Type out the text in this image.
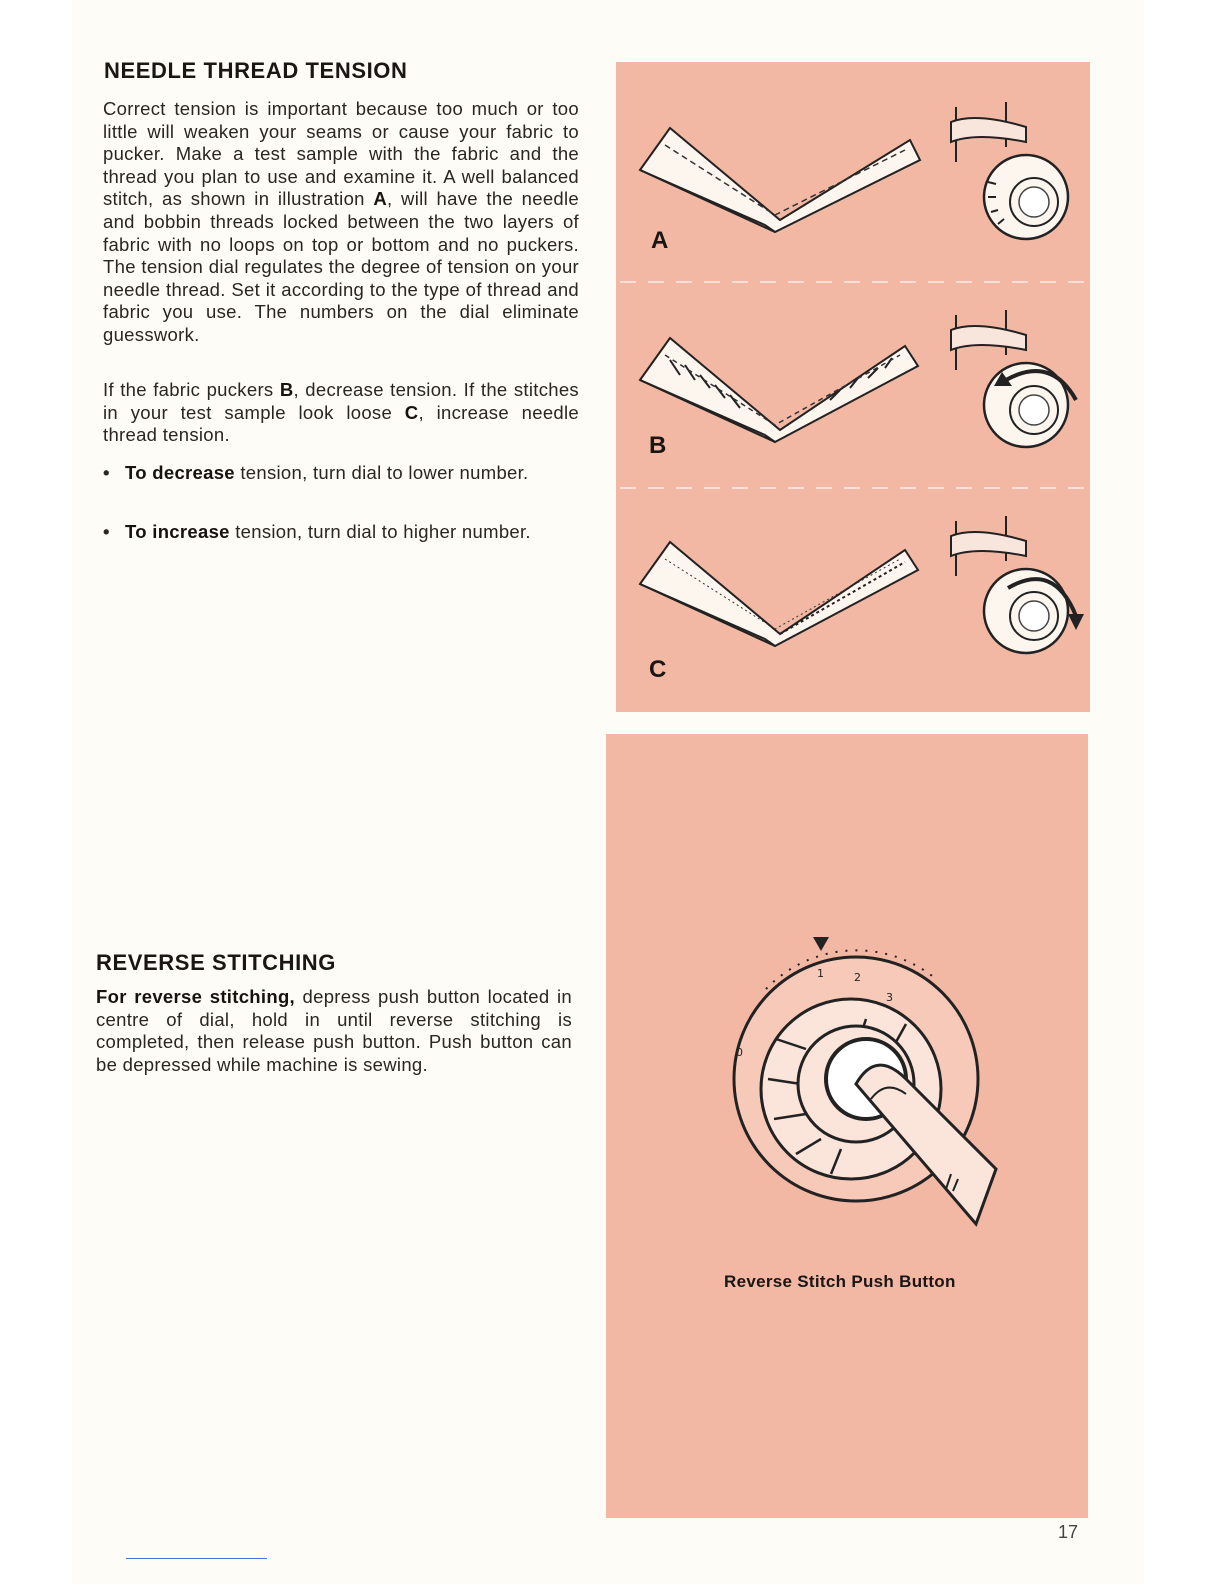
NEEDLE THREAD TENSION

Correct tension is important because too much or too little will weaken your seams or cause your fabric to pucker. Make a test sample with the fabric and the thread you plan to use and examine it. A well balanced stitch, as shown in illustration A, will have the needle and bobbin threads locked between the two layers of fabric with no loops on top or bottom and no puckers. The tension dial regulates the degree of tension on your needle thread. Set it according to the type of thread and fabric you use. The numbers on the dial eliminate guesswork.

If the fabric puckers B, decrease tension. If the stitches in your test sample look loose C, increase needle thread tension.

• To decrease tension, turn dial to lower number.

• To increase tension, turn dial to higher number.

REVERSE STITCHING

For reverse stitching, depress push button located in centre of dial, hold in until reverse stitching is completed, then release push button. Push button can be depressed while machine is sewing.

A
B
C
1	2
3
0
Reverse Stitch Push Button
17
